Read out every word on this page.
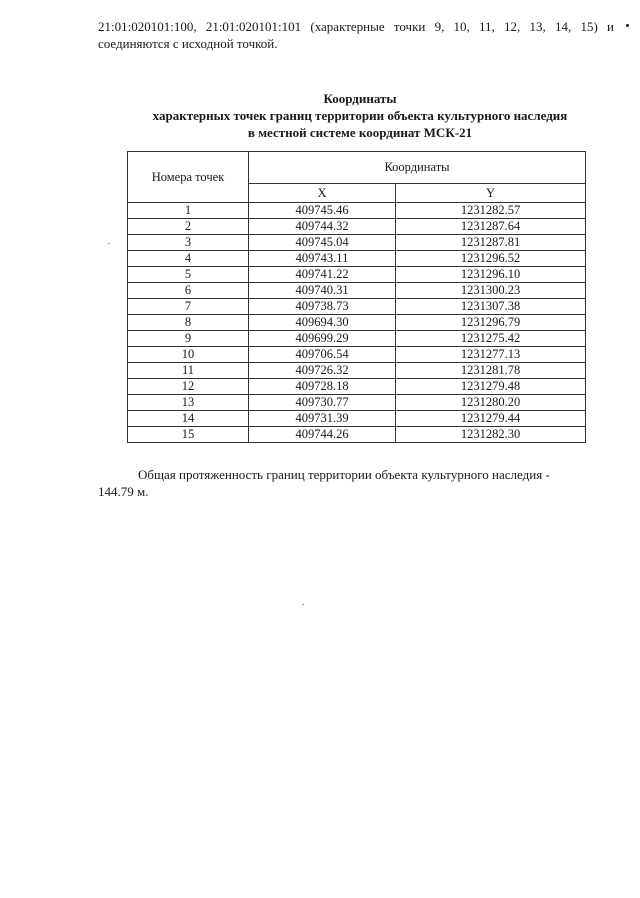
21:01:020101:100, 21:01:020101:101 (характерные точки 9, 10, 11, 12, 13, 14, 15) и
соединяются с исходной точкой.
Координаты
характерных точек границ территории объекта культурного наследия
в местной системе координат МСК-21
Номера точек	Координаты	
	X	Y
1	409745.46	1231282.57
2	409744.32	1231287.64
3	409745.04	1231287.81
4	409743.11	1231296.52
5	409741.22	1231296.10
6	409740.31	1231300.23
7	409738.73	1231307.38
8	409694.30	1231296.79
9	409699.29	1231275.42
10	409706.54	1231277.13
11	409726.32	1231281.78
12	409728.18	1231279.48
13	409730.77	1231280.20
14	409731.39	1231279.44
15	409744.26	1231282.30
Общая протяженность границ территории объекта культурного наследия -
144.79 м.
